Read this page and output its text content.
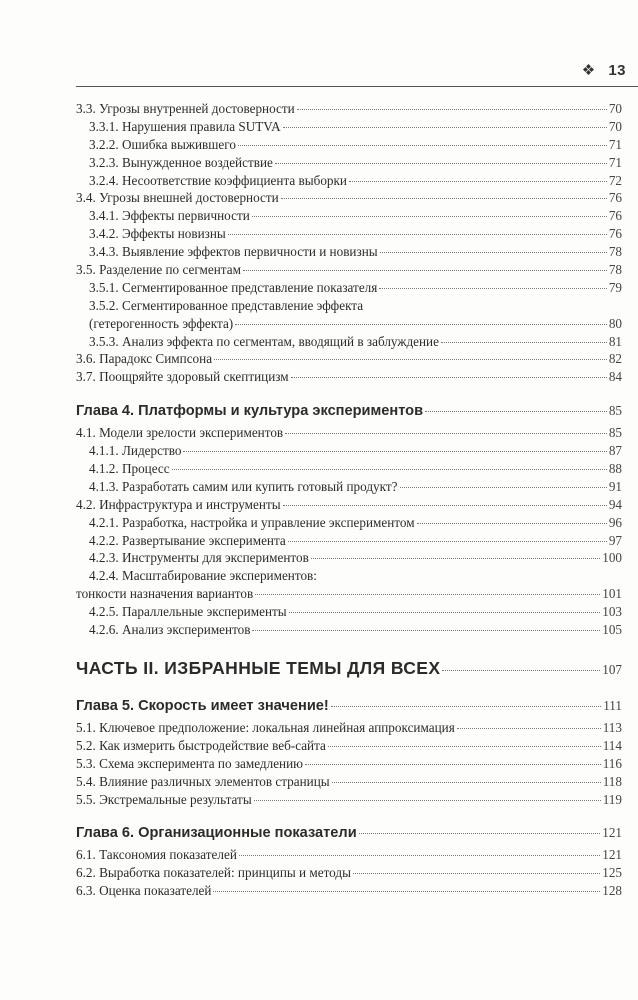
❖ 13
3.3. Угрозы внутренней достоверности	70
3.3.1. Нарушения правила SUTVA	70
3.2.2. Ошибка выжившего	71
3.2.3. Вынужденное воздействие	71
3.2.4. Несоответствие коэффициента выборки	72
3.4. Угрозы внешней достоверности	76
3.4.1. Эффекты первичности	76
3.4.2. Эффекты новизны	76
3.4.3. Выявление эффектов первичности и новизны	78
3.5. Разделение по сегментам	78
3.5.1. Сегментированное представление показателя	79
3.5.2. Сегментированное представление эффекта
(гетерогенность эффекта)	80
3.5.3. Анализ эффекта по сегментам, вводящий в заблуждение	81
3.6. Парадокс Симпсона	82
3.7. Поощряйте здоровый скептицизм	84
Глава 4. Платформы и культура экспериментов	85
4.1. Модели зрелости экспериментов	85
4.1.1. Лидерство	87
4.1.2. Процесс	88
4.1.3. Разработать самим или купить готовый продукт?	91
4.2. Инфраструктура и инструменты	94
4.2.1. Разработка, настройка и управление экспериментом	96
4.2.2. Развертывание эксперимента	97
4.2.3. Инструменты для экспериментов	100
4.2.4. Масштабирование экспериментов:
тонкости назначения вариантов	101
4.2.5. Параллельные эксперименты	103
4.2.6. Анализ экспериментов	105
ЧАСТЬ II. ИЗБРАННЫЕ ТЕМЫ ДЛЯ ВСЕХ	107
Глава 5. Скорость имеет значение!	111
5.1. Ключевое предположение: локальная линейная аппроксимация	113
5.2. Как измерить быстродействие веб-сайта	114
5.3. Схема эксперимента по замедлению	116
5.4. Влияние различных элементов страницы	118
5.5. Экстремальные результаты	119
Глава 6. Организационные показатели	121
6.1. Таксономия показателей	121
6.2. Выработка показателей: принципы и методы	125
6.3. Оценка показателей	128
